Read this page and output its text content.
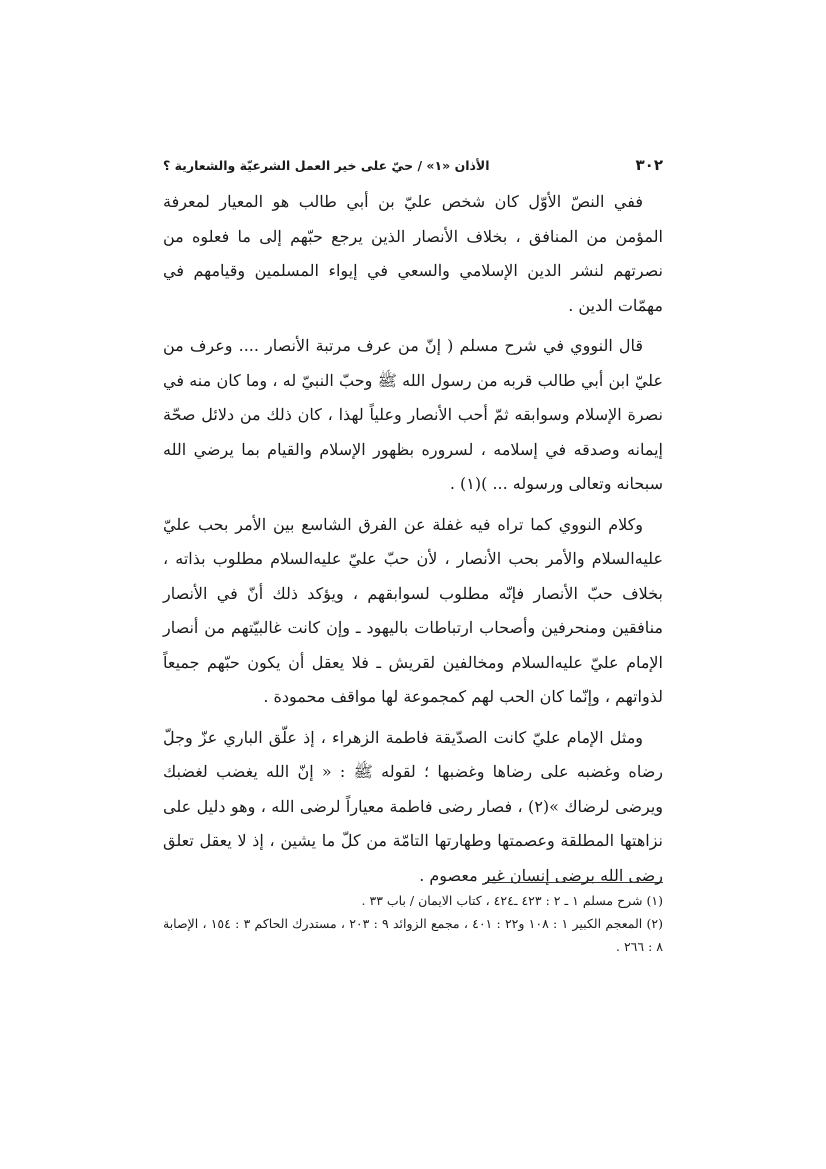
٣٠٢
الأذان «١» / حيّ على خير العمل الشرعيّة والشعارية ؟

ففي النصّ الأوّل كان شخص عليّ بن أبي طالب هو المعيار لمعرفة المؤمن من المنافق ، بخلاف الأنصار الذين يرجع حبّهم إلى ما فعلوه من نصرتهم لنشر الدين الإسلامي والسعي في إيواء المسلمين وقيامهم في مهمّات الدين .

قال النووي في شرح مسلم ( إنّ من عرف مرتبة الأنصار .... وعرف من عليّ ابن أبي طالب قربه من رسول الله ﷺ وحبّ النبيّ له ، وما كان منه في نصرة الإسلام وسوابقه ثمّ أحب الأنصار وعلياً لهذا ، كان ذلك من دلائل صحّة إيمانه وصدقه في إسلامه ، لسروره بظهور الإسلام والقيام بما يرضي الله سبحانه وتعالى ورسوله ... )(١) .

وكلام النووي كما تراه فيه غفلة عن الفرق الشاسع بين الأمر بحب عليّ عليه‌السلام والأمر بحب الأنصار ، لأن حبّ عليّ عليه‌السلام مطلوب بذاته ، بخلاف حبّ الأنصار فإنّه مطلوب لسوابقهم ، ويؤكد ذلك أنّ في الأنصار منافقين ومنحرفين وأصحاب ارتباطات باليهود ـ وإن كانت غالبيّتهم من أنصار الإمام عليّ عليه‌السلام ومخالفين لقريش ـ فلا يعقل أن يكون حبّهم جميعاً لذواتهم ، وإنّما كان الحب لهم كمجموعة لها مواقف محمودة .

ومثل الإمام عليّ كانت الصدّيقة فاطمة الزهراء ، إذ علّق الباري عزّ وجلّ رضاه وغضبه على رضاها وغضبها ؛ لقوله ﷺ : « إنّ الله يغضب لغضبك ويرضى لرضاك »(٢) ، فصار رضى فاطمة معياراً لرضى الله ، وهو دليل على نزاهتها المطلقة وعصمتها وطهارتها التامّة من كلّ ما يشين ، إذ لا يعقل تعلق رضى الله برضى إنسان غير معصوم .

(١) شرح مسلم ١ ـ ٢ : ٤٢٣ ـ٤٢٤ ، كتاب الايمان / باب ٣٣ .

(٢) المعجم الكبير ١ : ١٠٨ و٢٢ : ٤٠١ ، مجمع الزوائد ٩ : ٢٠٣ ، مستدرك الحاكم ٣ : ١٥٤ ، الإصابة ٨ : ٢٦٦ .
